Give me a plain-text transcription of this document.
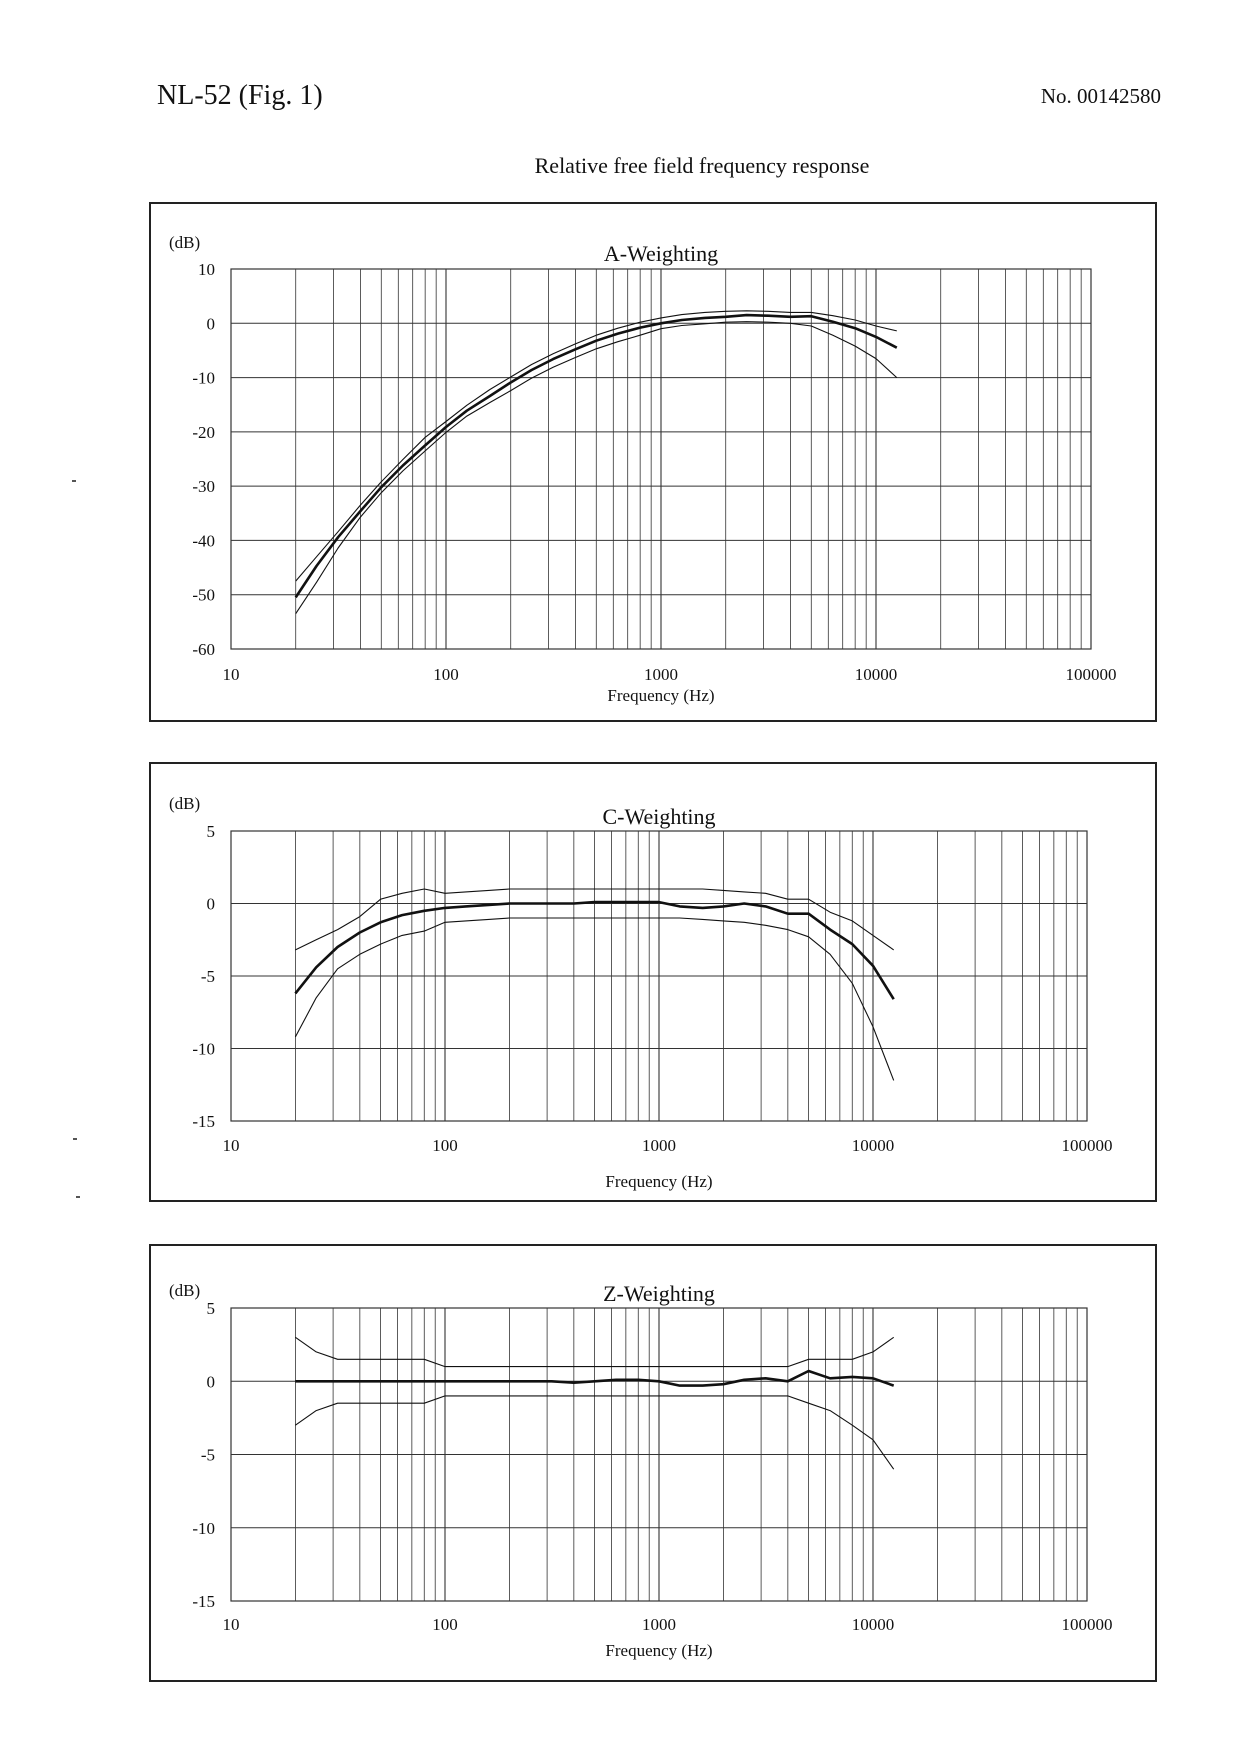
NL-52 (Fig. 1)	No. 00142580
Relative free field frequency response
10
0
-10
-20
-30
-40
-50
-60
10	100	1000	10000	100000
A-Weighting
(dB)
Frequency (Hz)
5
0
-5
-10
-15
10	100	1000	10000	100000
C-Weighting
(dB)
Frequency (Hz)
5
0
-5
-10
-15
10	100	1000	10000	100000
Z-Weighting
(dB)
Frequency (Hz)
